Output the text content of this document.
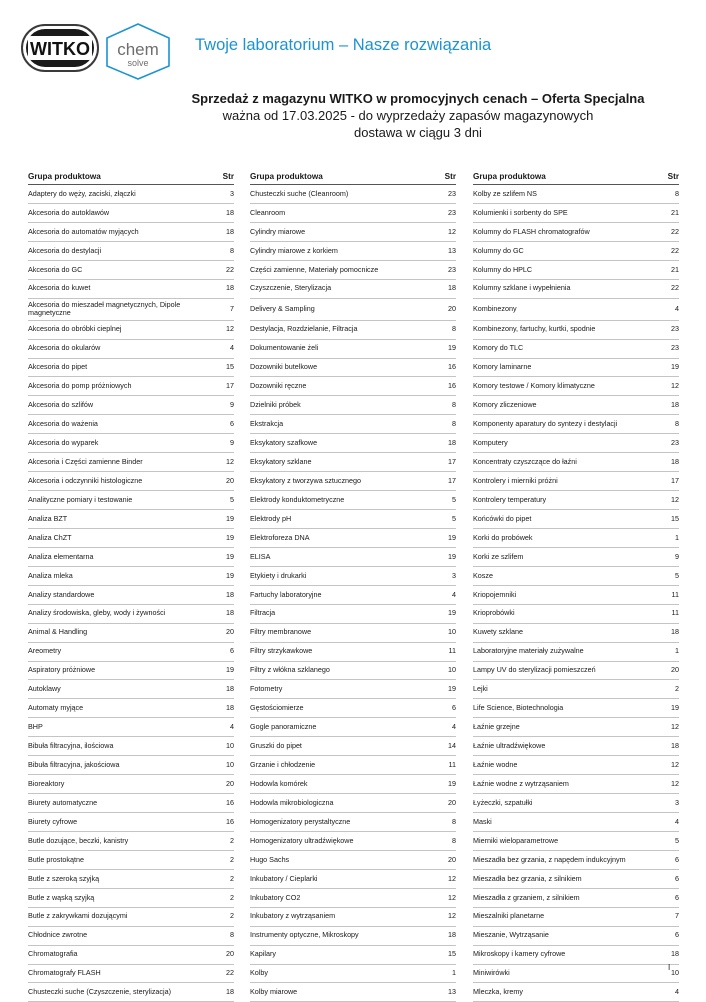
WITKO chem
solve
Twoje laboratorium – Nasze rozwiązania
Sprzedaż z magazynu WITKO w promocyjnych cenach – Oferta Specjalna
ważna od 17.03.2025 - do wyprzedaży zapasów magazynowych
dostawa w ciągu 3 dni
Grupa produktowa	Str
Adaptery do węży, zaciski, złączki	3
Akcesoria do autoklawów	18
Akcesoria do automatów myjących	18
Akcesoria do destylacji	8
Akcesoria do GC	22
Akcesoria do kuwet	18
Akcesoria do mieszadeł magnetycznych, Dipole magnetyczne	7
Akcesoria do obróbki cieplnej	12
Akcesoria do okularów	4
Akcesoria do pipet	15
Akcesoria do pomp próżniowych	17
Akcesoria do szlifów	9
Akcesoria do ważenia	6
Akcesoria do wyparek	9
Akcesoria i Części zamienne Binder	12
Akcesoria i odczynniki histologiczne	20
Analityczne pomiary i testowanie	5
Analiza BZT	19
Analiza ChZT	19
Analiza elementarna	19
Analiza mleka	19
Analizy standardowe	18
Analizy środowiska, gleby, wody i żywności	18
Animal & Handling	20
Areometry	6
Aspiratory próżniowe	19
Autoklawy	18
Automaty myjące	18
BHP	4
Bibuła filtracyjna, ilościowa	10
Bibuła filtracyjna, jakościowa	10
Bioreaktory	20
Biurety automatyczne	16
Biurety cyfrowe	16
Butle dozujące, beczki, kanistry	2
Butle prostokątne	2
Butle z szeroką szyjką	2
Butle z wąską szyjką	2
Butle z zakrywkami dozującymi	2
Chłodnice zwrotne	8
Chromatografia	20
Chromatografy FLASH	22
Chusteczki suche (Czyszczenie, sterylizacja)	18
Grupa produktowa	Str
Chusteczki suche (Cleanroom)	23
Cleanroom	23
Cylindry miarowe	12
Cylindry miarowe z korkiem	13
Części zamienne, Materiały pomocnicze	23
Czyszczenie, Sterylizacja	18
Delivery & Sampling	20
Destylacja, Rozdzielanie, Filtracja	8
Dokumentowanie żeli	19
Dozowniki butelkowe	16
Dozowniki ręczne	16
Dzielniki próbek	8
Ekstrakcja	8
Eksykatory szafkowe	18
Eksykatory szklane	17
Eksykatory z tworzywa sztucznego	17
Elektrody konduktometryczne	5
Elektrody pH	5
Elektroforeza DNA	19
ELISA	19
Etykiety i drukarki	3
Fartuchy laboratoryjne	4
Filtracja	19
Filtry membranowe	10
Filtry strzykawkowe	11
Filtry z włókna szklanego	10
Fotometry	19
Gęstościomierze	6
Gogle panoramiczne	4
Gruszki do pipet	14
Grzanie i chłodzenie	11
Hodowla komórek	19
Hodowla mikrobiologiczna	20
Homogenizatory perystaltyczne	8
Homogenizatory ultradźwiękowe	8
Hugo Sachs	20
Inkubatory / Cieplarki	12
Inkubatory CO2	12
Inkubatory z wytrząsaniem	12
Instrumenty optyczne, Mikroskopy	18
Kapilary	15
Kolby	1
Kolby miarowe	13
Grupa produktowa	Str
Kolby ze szlifem NS	8
Kolumienki i sorbenty do SPE	21
Kolumny do FLASH chromatografów	22
Kolumny do GC	22
Kolumny do HPLC	21
Kolumny szklane i wypełnienia	22
Kombinezony	4
Kombinezony, fartuchy, kurtki, spodnie	23
Komory do TLC	23
Komory laminarne	19
Komory testowe / Komory klimatyczne	12
Komory zliczeniowe	18
Komponenty aparatury do syntezy i destylacji	8
Komputery	23
Koncentraty czyszczące do łaźni	18
Kontrolery i mierniki próżni	17
Kontrolery temperatury	12
Końcówki do pipet	15
Korki do probówek	1
Korki ze szlifem	9
Kosze	5
Kriopojemniki	11
Krioprobówki	11
Kuwety szklane	18
Laboratoryjne materiały zużywalne	1
Lampy UV do sterylizacji pomieszczeń	20
Lejki	2
Life Science, Biotechnologia	19
Łaźnie grzejne	12
Łaźnie ultradźwiękowe	18
Łaźnie wodne	12
Łaźnie wodne z wytrząsaniem	12
Łyżeczki, szpatułki	3
Maski	4
Mierniki wieloparametrowe	5
Mieszadła bez grzania, z napędem indukcyjnym	6
Mieszadła bez grzania, z silnikiem	6
Mieszadła z grzaniem, z silnikiem	6
Mieszalniki planetarne	7
Mieszanie, Wytrząsanie	6
Mikroskopy i kamery cyfrowe	18
Miniwirówki	10
Mleczka, kremy	4
I
